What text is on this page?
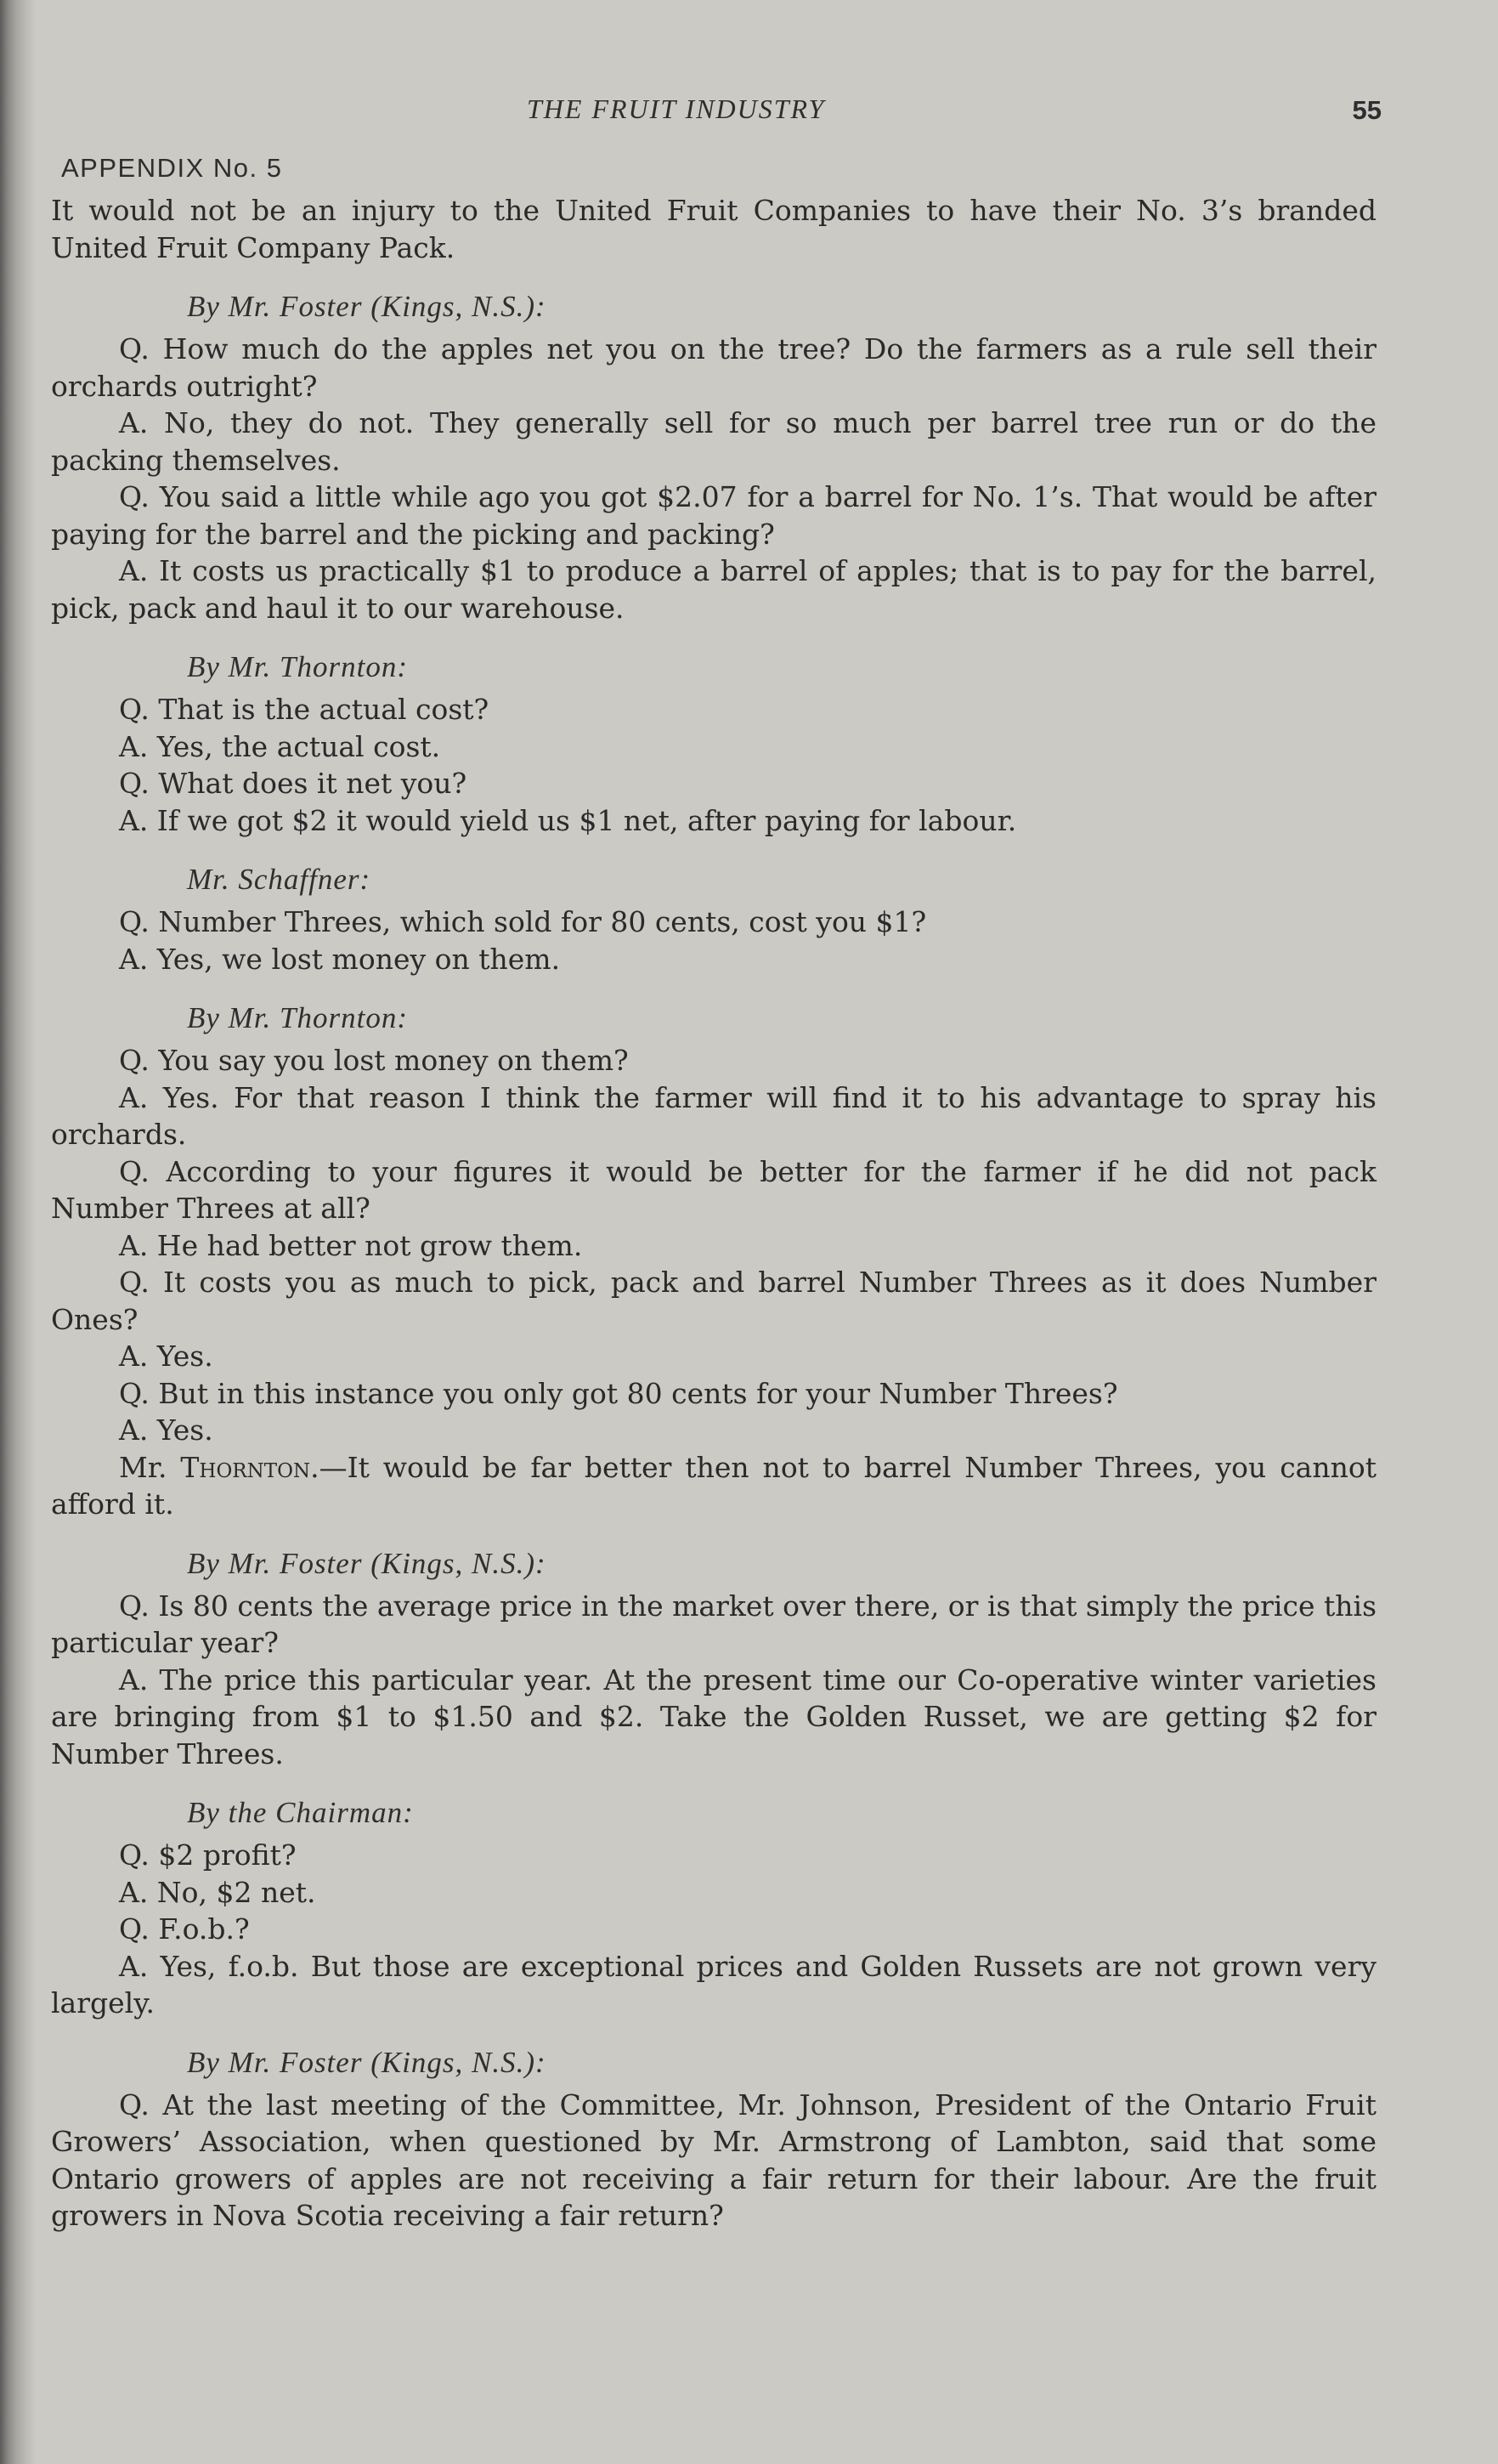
THE FRUIT INDUSTRY	55
APPENDIX No. 5

It would not be an injury to the United Fruit Companies to have their No. 3’s branded United Fruit Company Pack.

By Mr. Foster (Kings, N.S.):

Q. How much do the apples net you on the tree? Do the farmers as a rule sell their orchards outright?

A. No, they do not. They generally sell for so much per barrel tree run or do the packing themselves.

Q. You said a little while ago you got $2.07 for a barrel for No. 1’s. That would be after paying for the barrel and the picking and packing?

A. It costs us practically $1 to produce a barrel of apples; that is to pay for the barrel, pick, pack and haul it to our warehouse.

By Mr. Thornton:

Q. That is the actual cost?

A. Yes, the actual cost.

Q. What does it net you?

A. If we got $2 it would yield us $1 net, after paying for labour.

Mr. Schaffner:

Q. Number Threes, which sold for 80 cents, cost you $1?

A. Yes, we lost money on them.

By Mr. Thornton:

Q. You say you lost money on them?

A. Yes. For that reason I think the farmer will find it to his advantage to spray his orchards.

Q. According to your figures it would be better for the farmer if he did not pack Number Threes at all?

A. He had better not grow them.

Q. It costs you as much to pick, pack and barrel Number Threes as it does Number Ones?

A. Yes.

Q. But in this instance you only got 80 cents for your Number Threes?

A. Yes.

Mr. Thornton.—It would be far better then not to barrel Number Threes, you cannot afford it.

By Mr. Foster (Kings, N.S.):

Q. Is 80 cents the average price in the market over there, or is that simply the price this particular year?

A. The price this particular year. At the present time our Co-operative winter varieties are bringing from $1 to $1.50 and $2. Take the Golden Russet, we are getting $2 for Number Threes.

By the Chairman:

Q. $2 profit?

A. No, $2 net.

Q. F.o.b.?

A. Yes, f.o.b. But those are exceptional prices and Golden Russets are not grown very largely.

By Mr. Foster (Kings, N.S.):

Q. At the last meeting of the Committee, Mr. Johnson, President of the Ontario Fruit Growers’ Association, when questioned by Mr. Armstrong of Lambton, said that some Ontario growers of apples are not receiving a fair return for their labour. Are the fruit growers in Nova Scotia receiving a fair return?
